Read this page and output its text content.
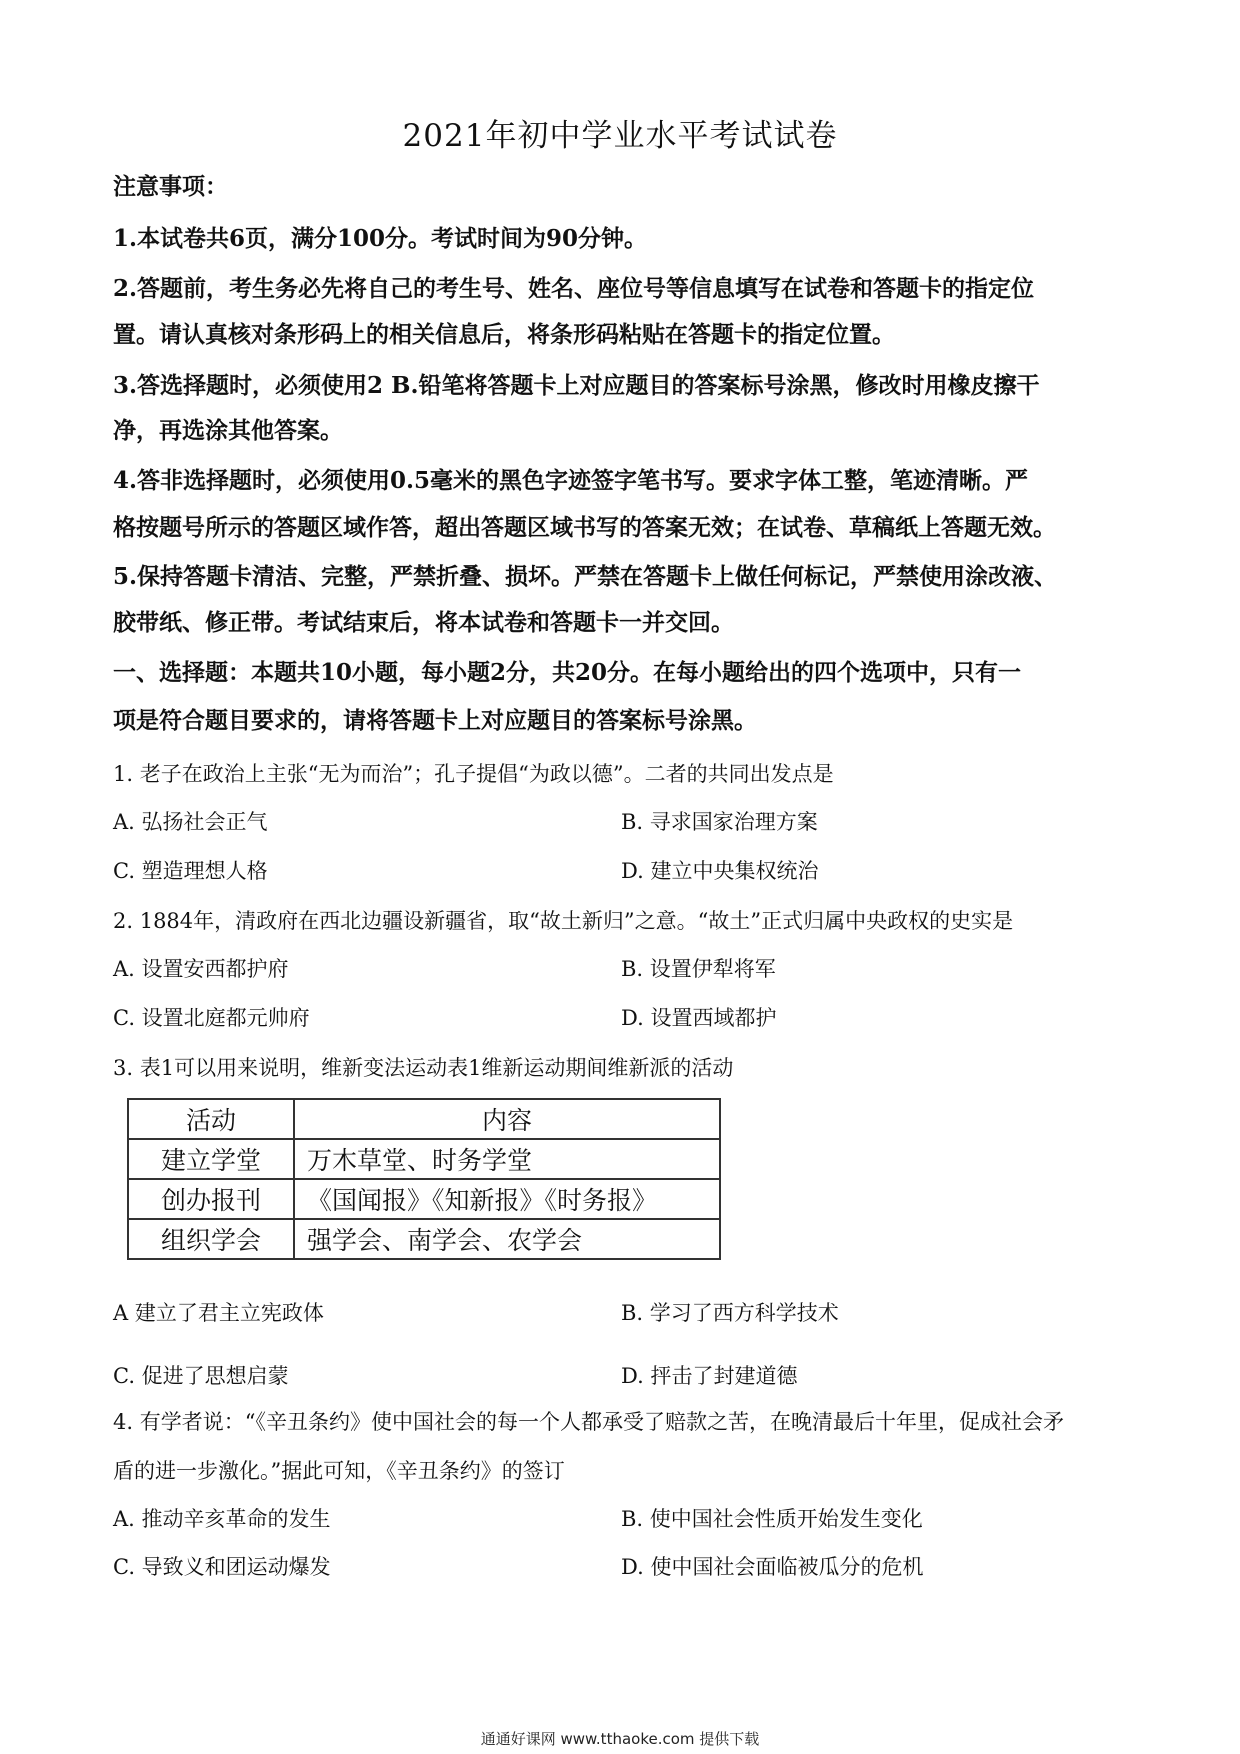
2021年初中学业水平考试试卷
注意事项：
1.本试卷共6页，满分100分。考试时间为90分钟。
2.答题前，考生务必先将自己的考生号、姓名、座位号等信息填写在试卷和答题卡的指定位
置。请认真核对条形码上的相关信息后，将条形码粘贴在答题卡的指定位置。
3.答选择题时，必须使用2 B.铅笔将答题卡上对应题目的答案标号涂黑，修改时用橡皮擦干
净，再选涂其他答案。
4.答非选择题时，必须使用0.5毫米的黑色字迹签字笔书写。要求字体工整，笔迹清晰。严
格按题号所示的答题区域作答，超出答题区域书写的答案无效；在试卷、草稿纸上答题无效。
5.保持答题卡清洁、完整，严禁折叠、损坏。严禁在答题卡上做任何标记，严禁使用涂改液、
胶带纸、修正带。考试结束后，将本试卷和答题卡一并交回。
一、选择题：本题共10小题，每小题2分，共20分。在每小题给出的四个选项中，只有一
项是符合题目要求的，请将答题卡上对应题目的答案标号涂黑。
1. 老子在政治上主张“无为而治”；孔子提倡“为政以德”。二者的共同出发点是
A. 弘扬社会正气	B. 寻求国家治理方案
C. 塑造理想人格	D. 建立中央集权统治
2. 1884年，清政府在西北边疆设新疆省，取“故土新归”之意。“故土”正式归属中央政权的史实是
A. 设置安西都护府	B. 设置伊犁将军
C. 设置北庭都元帅府	D. 设置西域都护
3. 表1可以用来说明，维新变法运动表1维新运动期间维新派的活动
活动	内容
建立学堂	万木草堂、时务学堂
创办报刊	《国闻报》《知新报》《时务报》
组织学会	强学会、南学会、农学会
A 建立了君主立宪政体	B. 学习了西方科学技术
C. 促进了思想启蒙	D. 抨击了封建道德
4. 有学者说：“《辛丑条约》使中国社会的每一个人都承受了赔款之苦，在晚清最后十年里，促成社会矛
盾的进一步激化。”据此可知，《辛丑条约》的签订
A. 推动辛亥革命的发生	B. 使中国社会性质开始发生变化
C. 导致义和团运动爆发	D. 使中国社会面临被瓜分的危机
通通好课网 www.tthaoke.com 提供下载
